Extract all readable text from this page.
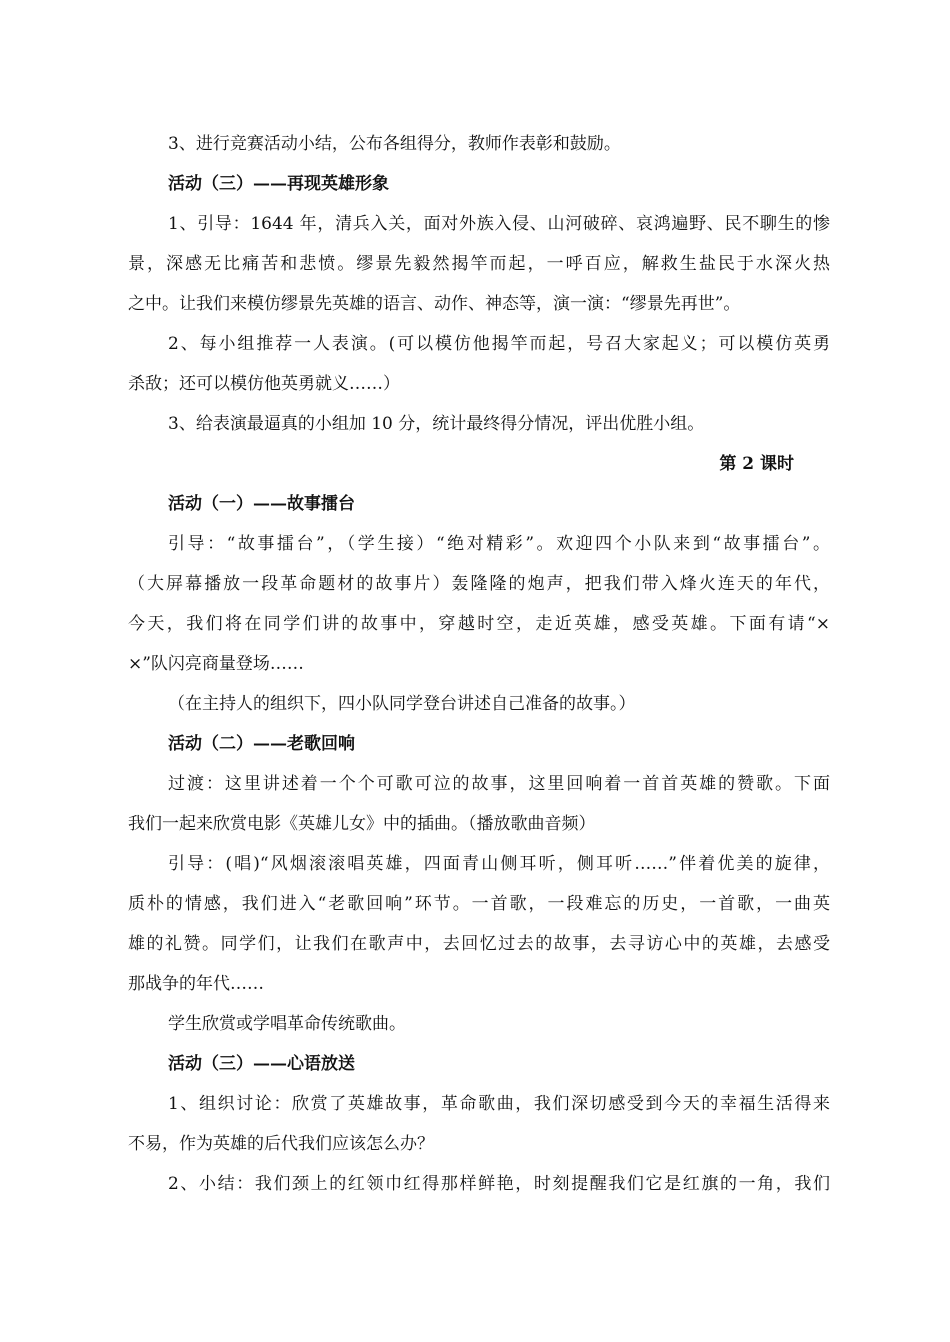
3、进行竞赛活动小结，公布各组得分，教师作表彰和鼓励。
活动（三）——再现英雄形象
1、引导：1644 年，清兵入关，面对外族入侵、山河破碎、哀鸿遍野、民不聊生的惨
景，深感无比痛苦和悲愤。缪景先毅然揭竿而起，一呼百应，解救生盐民于水深火热
之中。让我们来模仿缪景先英雄的语言、动作、神态等，演一演：“缪景先再世”。
2、每小组推荐一人表演。(可以模仿他揭竿而起，号召大家起义；可以模仿英勇
杀敌；还可以模仿他英勇就义……）
3、给表演最逼真的小组加 10 分，统计最终得分情况，评出优胜小组。
第 2 课时
活动（一）——故事擂台
引导：“故事擂台”，（学生接）“绝对精彩”。欢迎四个小队来到“故事擂台”。
（大屏幕播放一段革命题材的故事片）轰隆隆的炮声，把我们带入烽火连天的年代，
今天，我们将在同学们讲的故事中，穿越时空，走近英雄，感受英雄。下面有请“×
×”队闪亮商量登场……
（在主持人的组织下，四小队同学登台讲述自己准备的故事。）
活动（二）——老歌回响
过渡：这里讲述着一个个可歌可泣的故事，这里回响着一首首英雄的赞歌。下面
我们一起来欣赏电影《英雄儿女》中的插曲。（播放歌曲音频）
引导：(唱)“风烟滚滚唱英雄，四面青山侧耳听，侧耳听……”伴着优美的旋律，
质朴的情感，我们进入“老歌回响”环节。一首歌，一段难忘的历史，一首歌，一曲英
雄的礼赞。同学们，让我们在歌声中，去回忆过去的故事，去寻访心中的英雄，去感受
那战争的年代……
学生欣赏或学唱革命传统歌曲。
活动（三）——心语放送
1、组织讨论：欣赏了英雄故事，革命歌曲，我们深切感受到今天的幸福生活得来
不易，作为英雄的后代我们应该怎么办？
2、小结：我们颈上的红领巾红得那样鲜艳，时刻提醒我们它是红旗的一角，我们
